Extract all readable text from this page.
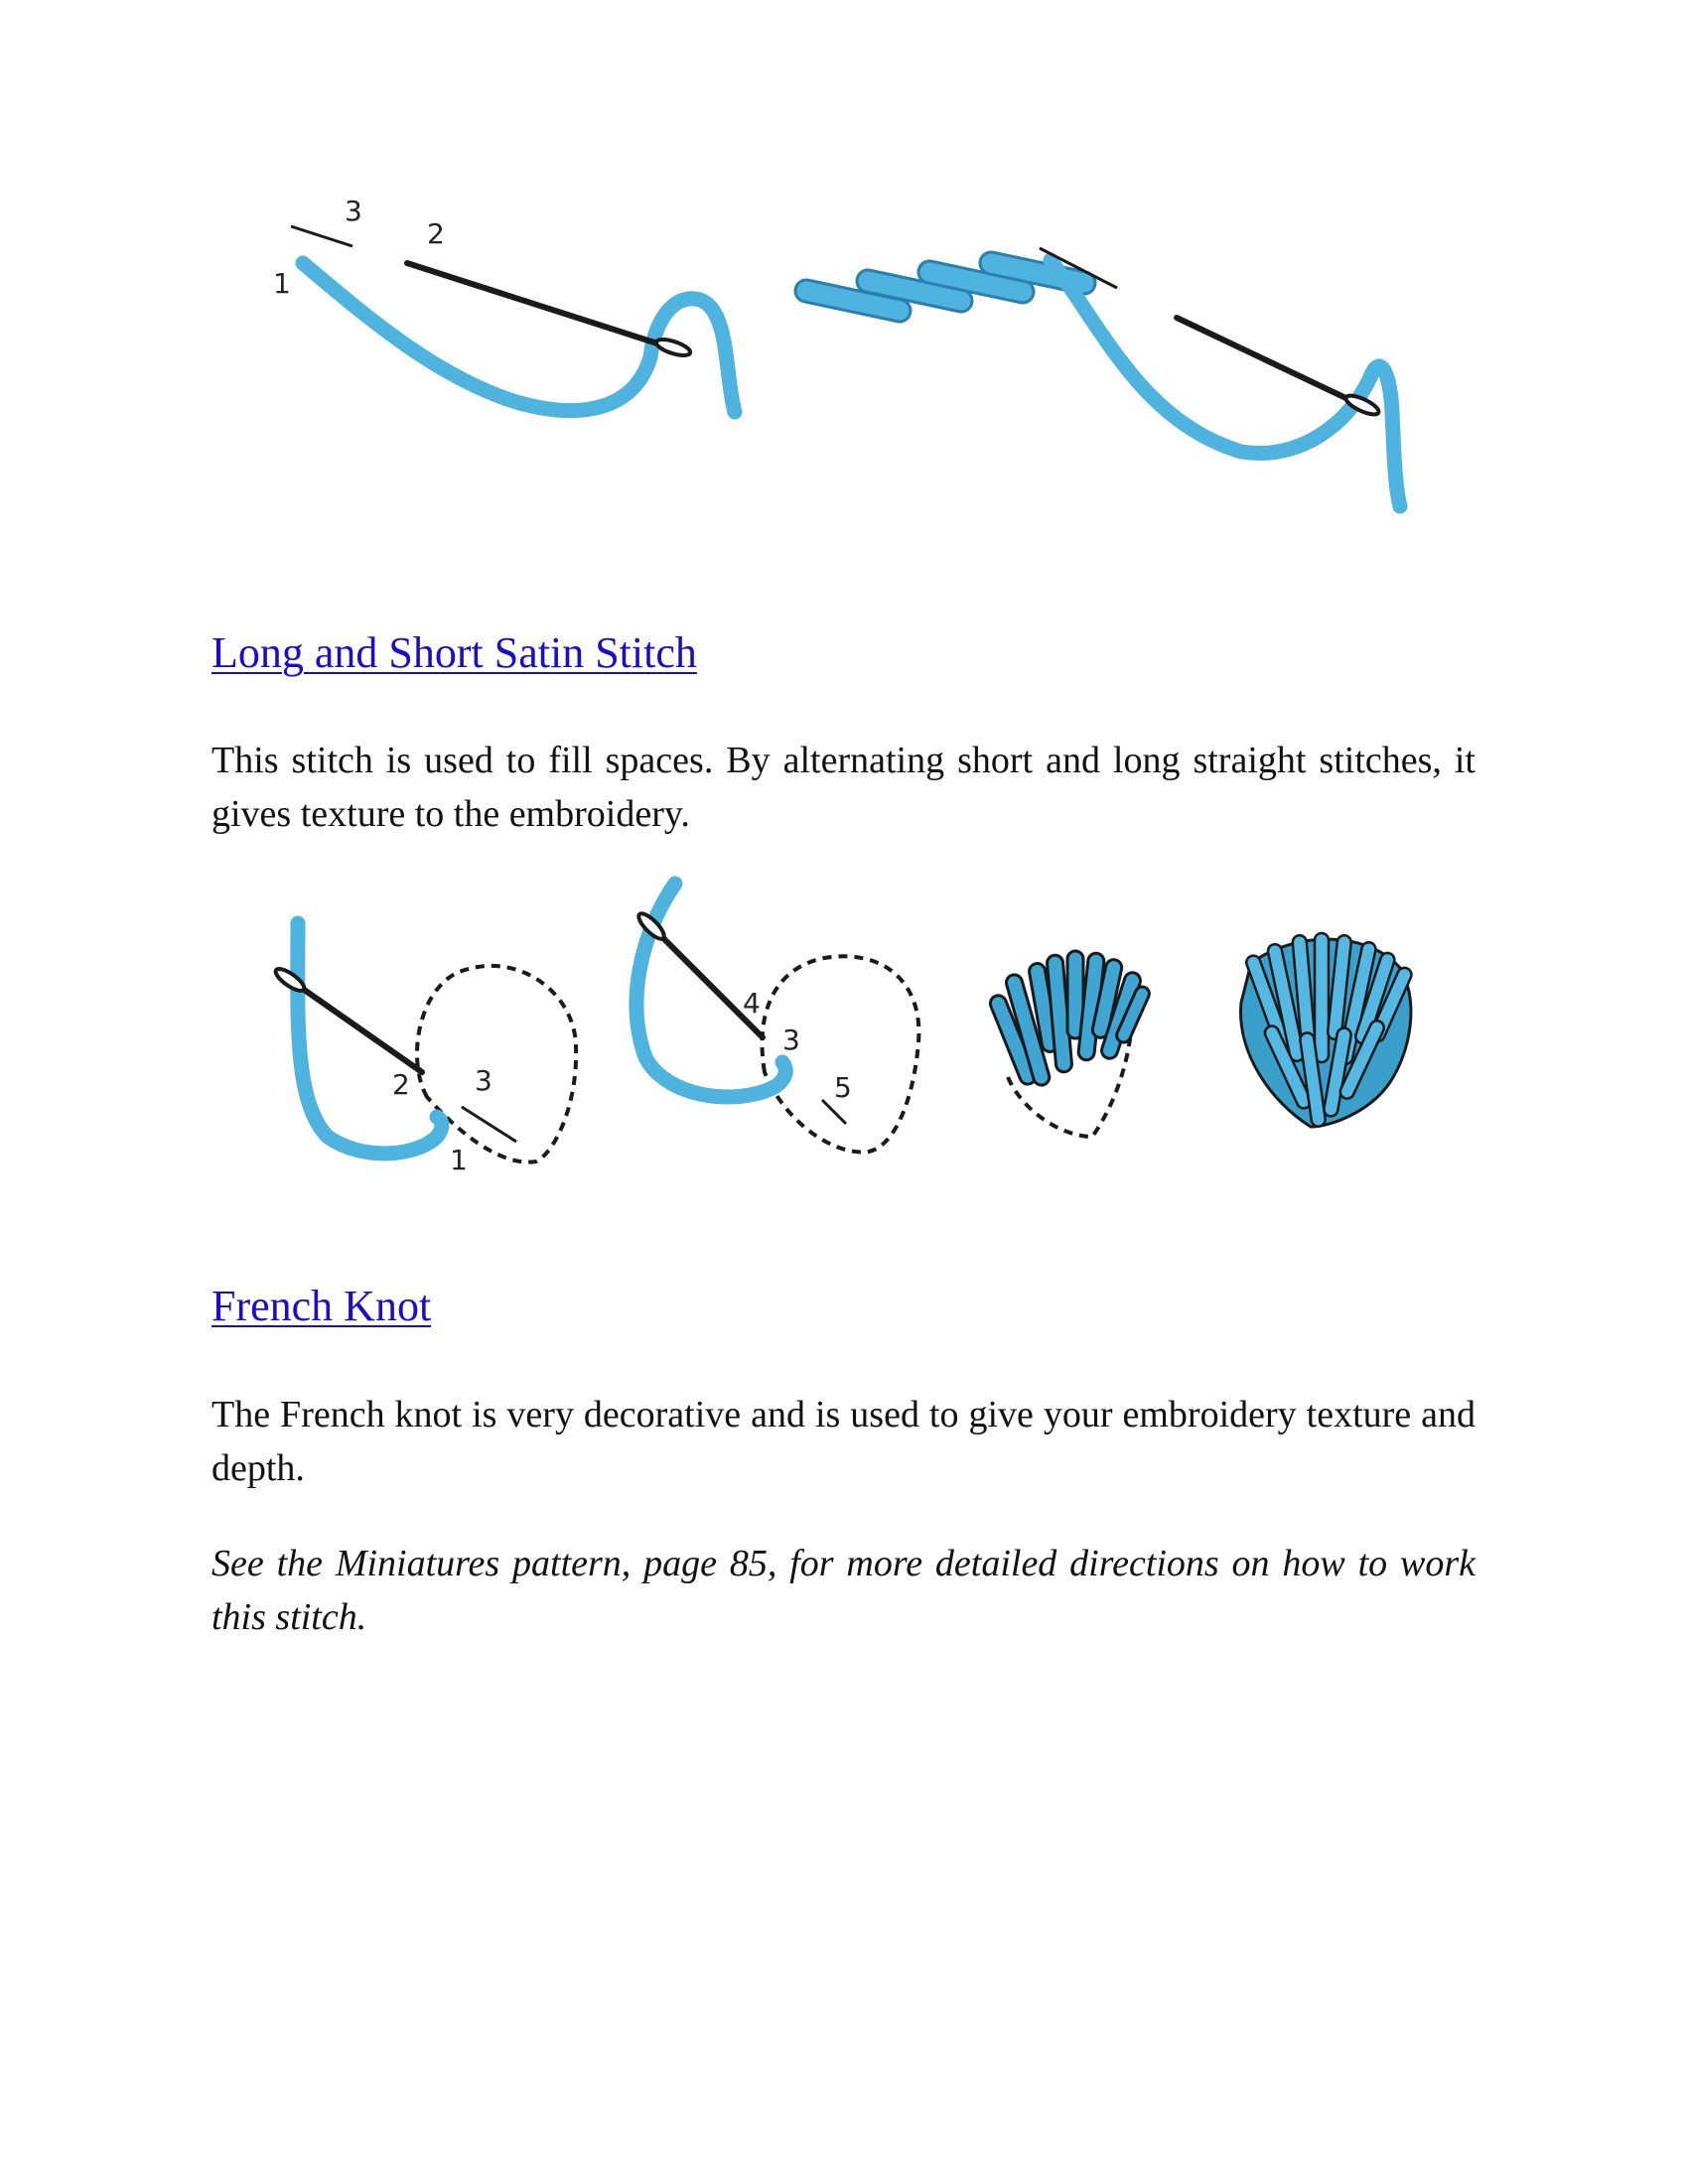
1
2
3
Long and Short Satin Stitch

This stitch is used to fill spaces. By alternating short and long straight stitches, it gives texture to the embroidery.

1
2 3
4
3
5
French Knot

The French knot is very decorative and is used to give your embroidery texture and depth.

See the Miniatures pattern, page 85, for more detailed directions on how to work this stitch.
